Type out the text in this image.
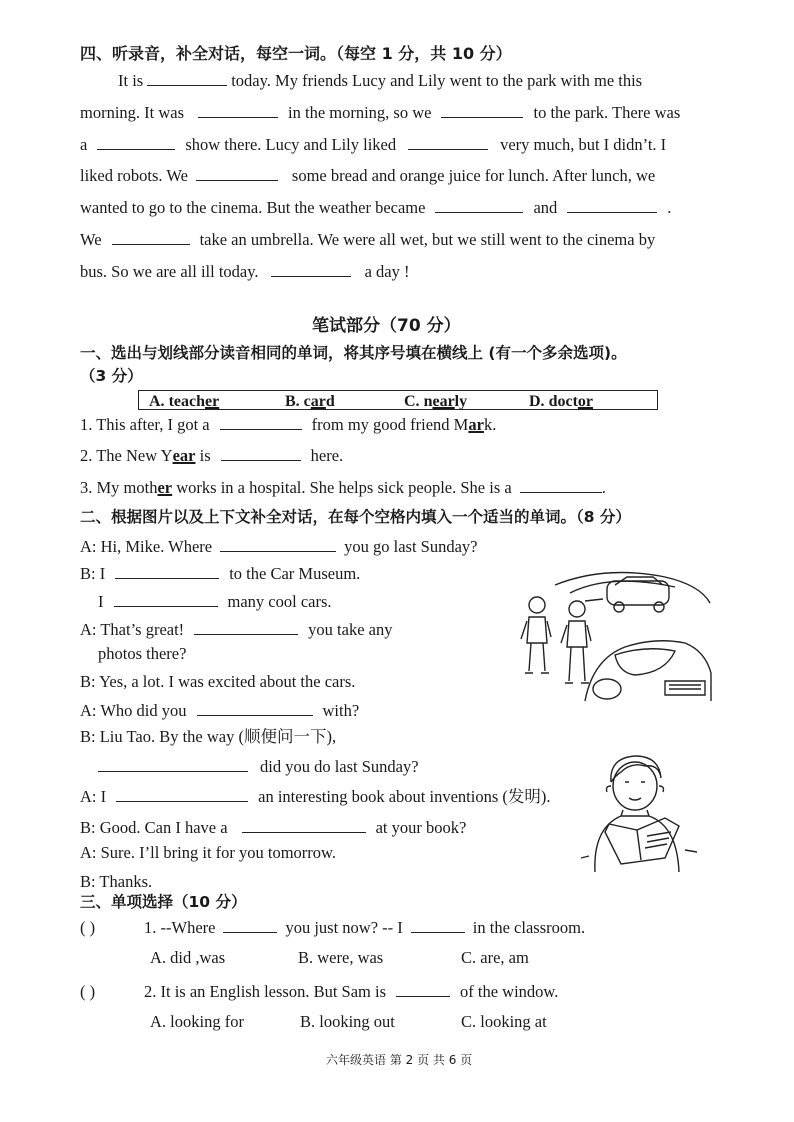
四、听录音，补全对话，每空一词。（每空 1 分，共 10 分）
It is	today. My friends Lucy and Lily went to the park with me this
morning. It was	in the morning, so we	to the park. There was
a	show there. Lucy and Lily liked	very much, but I didn’t. I
liked robots. We	some bread and orange juice for lunch. After lunch, we
wanted to go to the cinema. But the weather became	and	.
We	take an umbrella. We were all wet, but we still went to the cinema by
bus. So we are all ill today.	a day !
笔试部分（70 分）
一、选出与划线部分读音相同的单词，将其序号填在横线上 (有一个多余选项)。
（3 分）
A. teacher	B. card	C. nearly	D. doctor
1. This after, I got a	from my good friend Mark.
2. The New Year is	here.
3. My mother works in a hospital. She helps sick people. She is a	.
二、根据图片以及上下文补全对话，在每个空格内填入一个适当的单词。（8 分）
A: Hi, Mike. Where	you go last Sunday?
B: I	to the Car Museum.
I	many cool cars.
A: That’s great!	you take any
photos there?
B: Yes, a lot. I was excited about the cars.
A: Who did you	with?
B: Liu Tao. By the way (顺便问一下),
did you do last Sunday?
A: I	an interesting book about inventions (发明).
B: Good. Can I have a	at your book?
A: Sure. I’ll bring it for you tomorrow.
B: Thanks.
三、单项选择（10 分）
( )	1. --Where	you just now? -- I	in the classroom.
A. did ,was	B. were, was	C. are, am
( )	2. It is an English lesson. But Sam is	of the window.
A. looking for	B. looking out	C. looking at
六年级英语 第 2 页 共 6 页
